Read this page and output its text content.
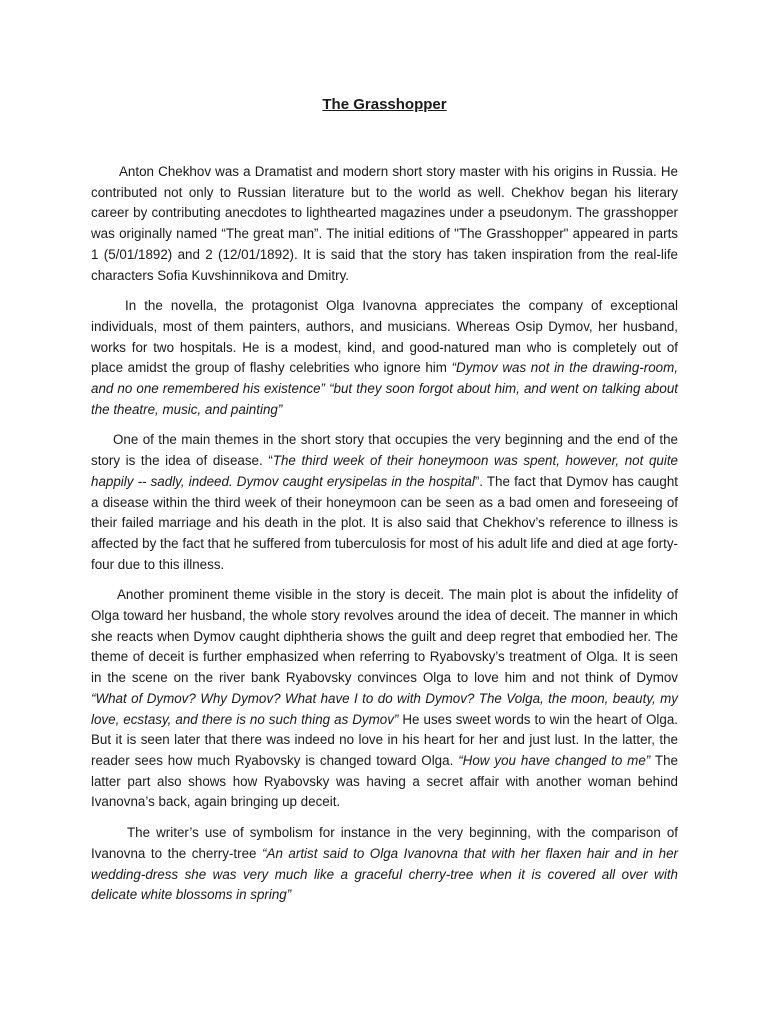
The Grasshopper

Anton Chekhov was a Dramatist and modern short story master with his origins in Russia. He contributed not only to Russian literature but to the world as well. Chekhov began his literary career by contributing anecdotes to lighthearted magazines under a pseudonym. The grasshopper was originally named “The great man”. The initial editions of "The Grasshopper" appeared in parts 1 (5/01/1892) and 2 (12/01/1892). It is said that the story has taken inspiration from the real-life characters Sofia Kuvshinnikova and Dmitry.

In the novella, the protagonist Olga Ivanovna appreciates the company of exceptional individuals, most of them painters, authors, and musicians. Whereas Osip Dymov, her husband, works for two hospitals. He is a modest, kind, and good-natured man who is completely out of place amidst the group of flashy celebrities who ignore him “Dymov was not in the drawing-room, and no one remembered his existence” “but they soon forgot about him, and went on talking about the theatre, music, and painting”

One of the main themes in the short story that occupies the very beginning and the end of the story is the idea of disease. “The third week of their honeymoon was spent, however, not quite happily -- sadly, indeed. Dymov caught erysipelas in the hospital”. The fact that Dymov has caught a disease within the third week of their honeymoon can be seen as a bad omen and foreseeing of their failed marriage and his death in the plot. It is also said that Chekhov’s reference to illness is affected by the fact that he suffered from tuberculosis for most of his adult life and died at age forty-four due to this illness.

Another prominent theme visible in the story is deceit. The main plot is about the infidelity of Olga toward her husband, the whole story revolves around the idea of deceit. The manner in which she reacts when Dymov caught diphtheria shows the guilt and deep regret that embodied her. The theme of deceit is further emphasized when referring to Ryabovsky’s treatment of Olga. It is seen in the scene on the river bank Ryabovsky convinces Olga to love him and not think of Dymov “What of Dymov? Why Dymov? What have I to do with Dymov? The Volga, the moon, beauty, my love, ecstasy, and there is no such thing as Dymov” He uses sweet words to win the heart of Olga. But it is seen later that there was indeed no love in his heart for her and just lust. In the latter, the reader sees how much Ryabovsky is changed toward Olga. “How you have changed to me” The latter part also shows how Ryabovsky was having a secret affair with another woman behind Ivanovna’s back, again bringing up deceit.

The writer’s use of symbolism for instance in the very beginning, with the comparison of Ivanovna to the cherry-tree “An artist said to Olga Ivanovna that with her flaxen hair and in her wedding-dress she was very much like a graceful cherry-tree when it is covered all over with delicate white blossoms in spring”
